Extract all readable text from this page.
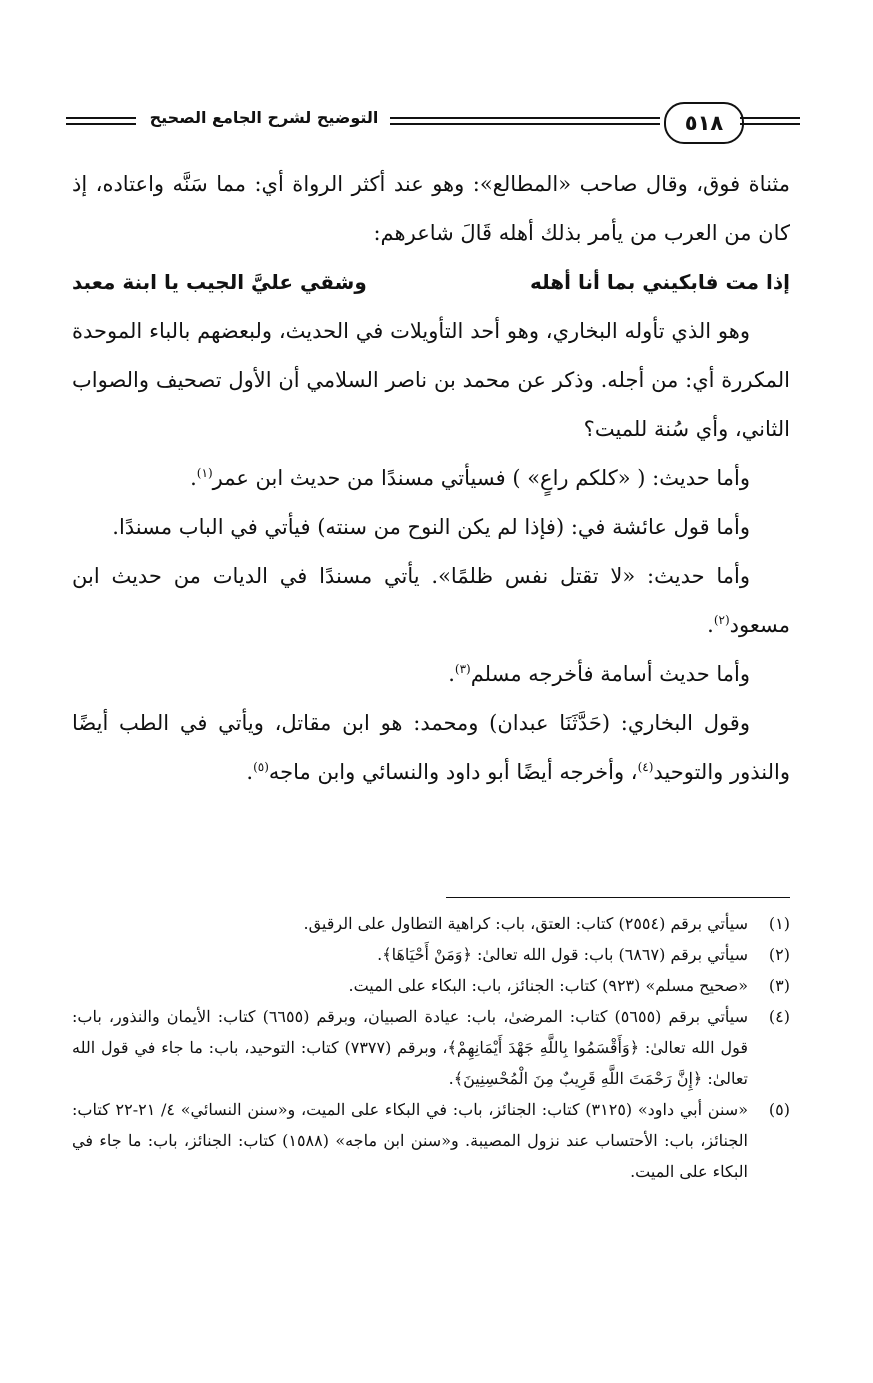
التوضيح لشرح الجامع الصحيح	٥١٨

مثناة فوق، وقال صاحب «المطالع»: وهو عند أكثر الرواة أي: مما سَنَّه واعتاده، إذ كان من العرب من يأمر بذلك أهله قَالَ شاعرهم:

إذا مت فابكيني بما أنا أهله
وشقي عليَّ الجيب يا ابنة معبد

وهو الذي تأوله البخاري، وهو أحد التأويلات في الحديث، ولبعضهم بالباء الموحدة المكررة أي: من أجله. وذكر عن محمد بن ناصر السلامي أن الأول تصحيف والصواب الثاني، وأي سُنة للميت؟

وأما حديث: ( «كلكم راعٍ» ) فسيأتي مسندًا من حديث ابن عمر$^{(١)}$.

وأما قول عائشة في: (فإذا لم يكن النوح من سنته) فيأتي في الباب مسندًا.

وأما حديث: «لا تقتل نفس ظلمًا». يأتي مسندًا في الديات من حديث ابن مسعود$^{(٢)}$.

وأما حديث أسامة فأخرجه مسلم$^{(٣)}$.

وقول البخاري: (حَدَّثَنَا عبدان) ومحمد: هو ابن مقاتل، ويأتي في الطب أيضًا والنذور والتوحيد$^{(٤)}$، وأخرجه أيضًا أبو داود والنسائي وابن ماجه$^{(٥)}$.

(١)
سيأتي برقم (٢٥٥٤) كتاب: العتق، باب: كراهية التطاول على الرقيق.
(٢)
سيأتي برقم (٦٨٦٧) باب: قول الله تعالىٰ: ﴿وَمَنْ أَحْيَاهَا﴾.
(٣)
«صحيح مسلم» (٩٢٣) كتاب: الجنائز، باب: البكاء على الميت.
(٤)
سيأتي برقم (٥٦٥٥) كتاب: المرضىٰ، باب: عيادة الصبيان، وبرقم (٦٦٥٥) كتاب: الأيمان والنذور، باب: قول الله تعالىٰ: ﴿وَأَقْسَمُوا بِاللَّهِ جَهْدَ أَيْمَانِهِمْ﴾، وبرقم (٧٣٧٧) كتاب: التوحيد، باب: ما جاء في قول الله تعالىٰ: ﴿إِنَّ رَحْمَتَ اللَّهِ قَرِيبٌ مِنَ الْمُحْسِنِينَ﴾.
(٥)
«سنن أبي داود» (٣١٢٥) كتاب: الجنائز، باب: في البكاء على الميت، و«سنن النسائي» ٤/ ٢١-٢٢ كتاب: الجنائز، باب: الأحتساب عند نزول المصيبة. و«سنن ابن ماجه» (١٥٨٨) كتاب: الجنائز، باب: ما جاء في البكاء على الميت.
